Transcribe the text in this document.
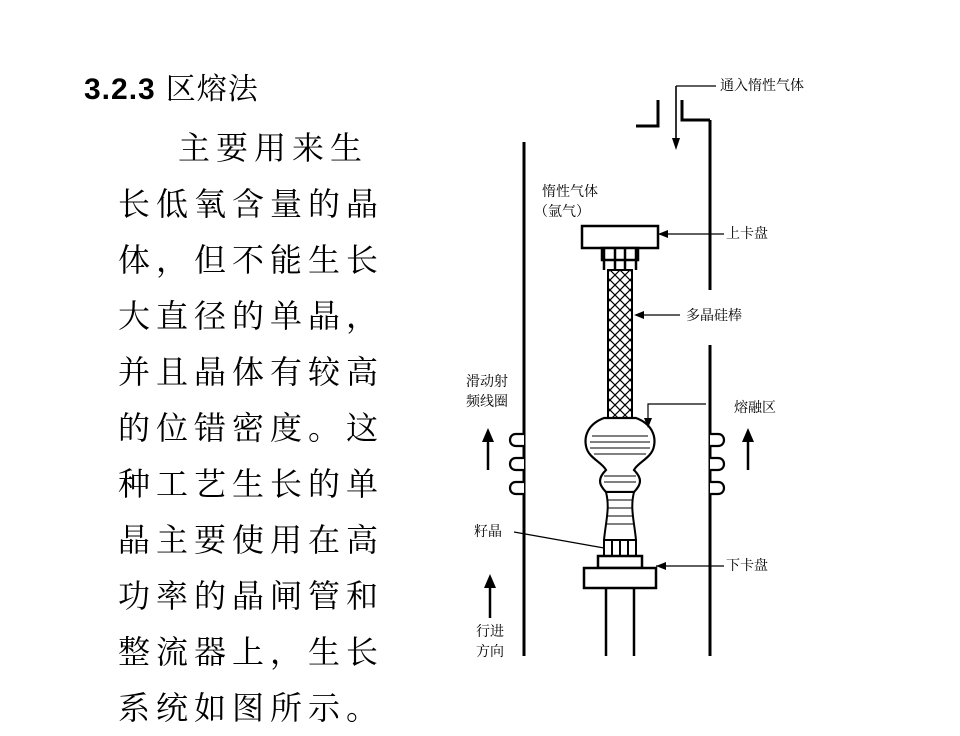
3.2.3 区熔法
主要用来生
长低氧含量的晶
体，但不能生长
大直径的单晶，
并且晶体有较高
的位错密度。这
种工艺生长的单
晶主要使用在高
功率的晶闸管和
整流器上，生长
系统如图所示。
通入惰性气体
惰性气体
（氩气）
上卡盘
多晶硅棒
滑动射
频线圈	熔融区
籽晶
下卡盘
行进
方向
